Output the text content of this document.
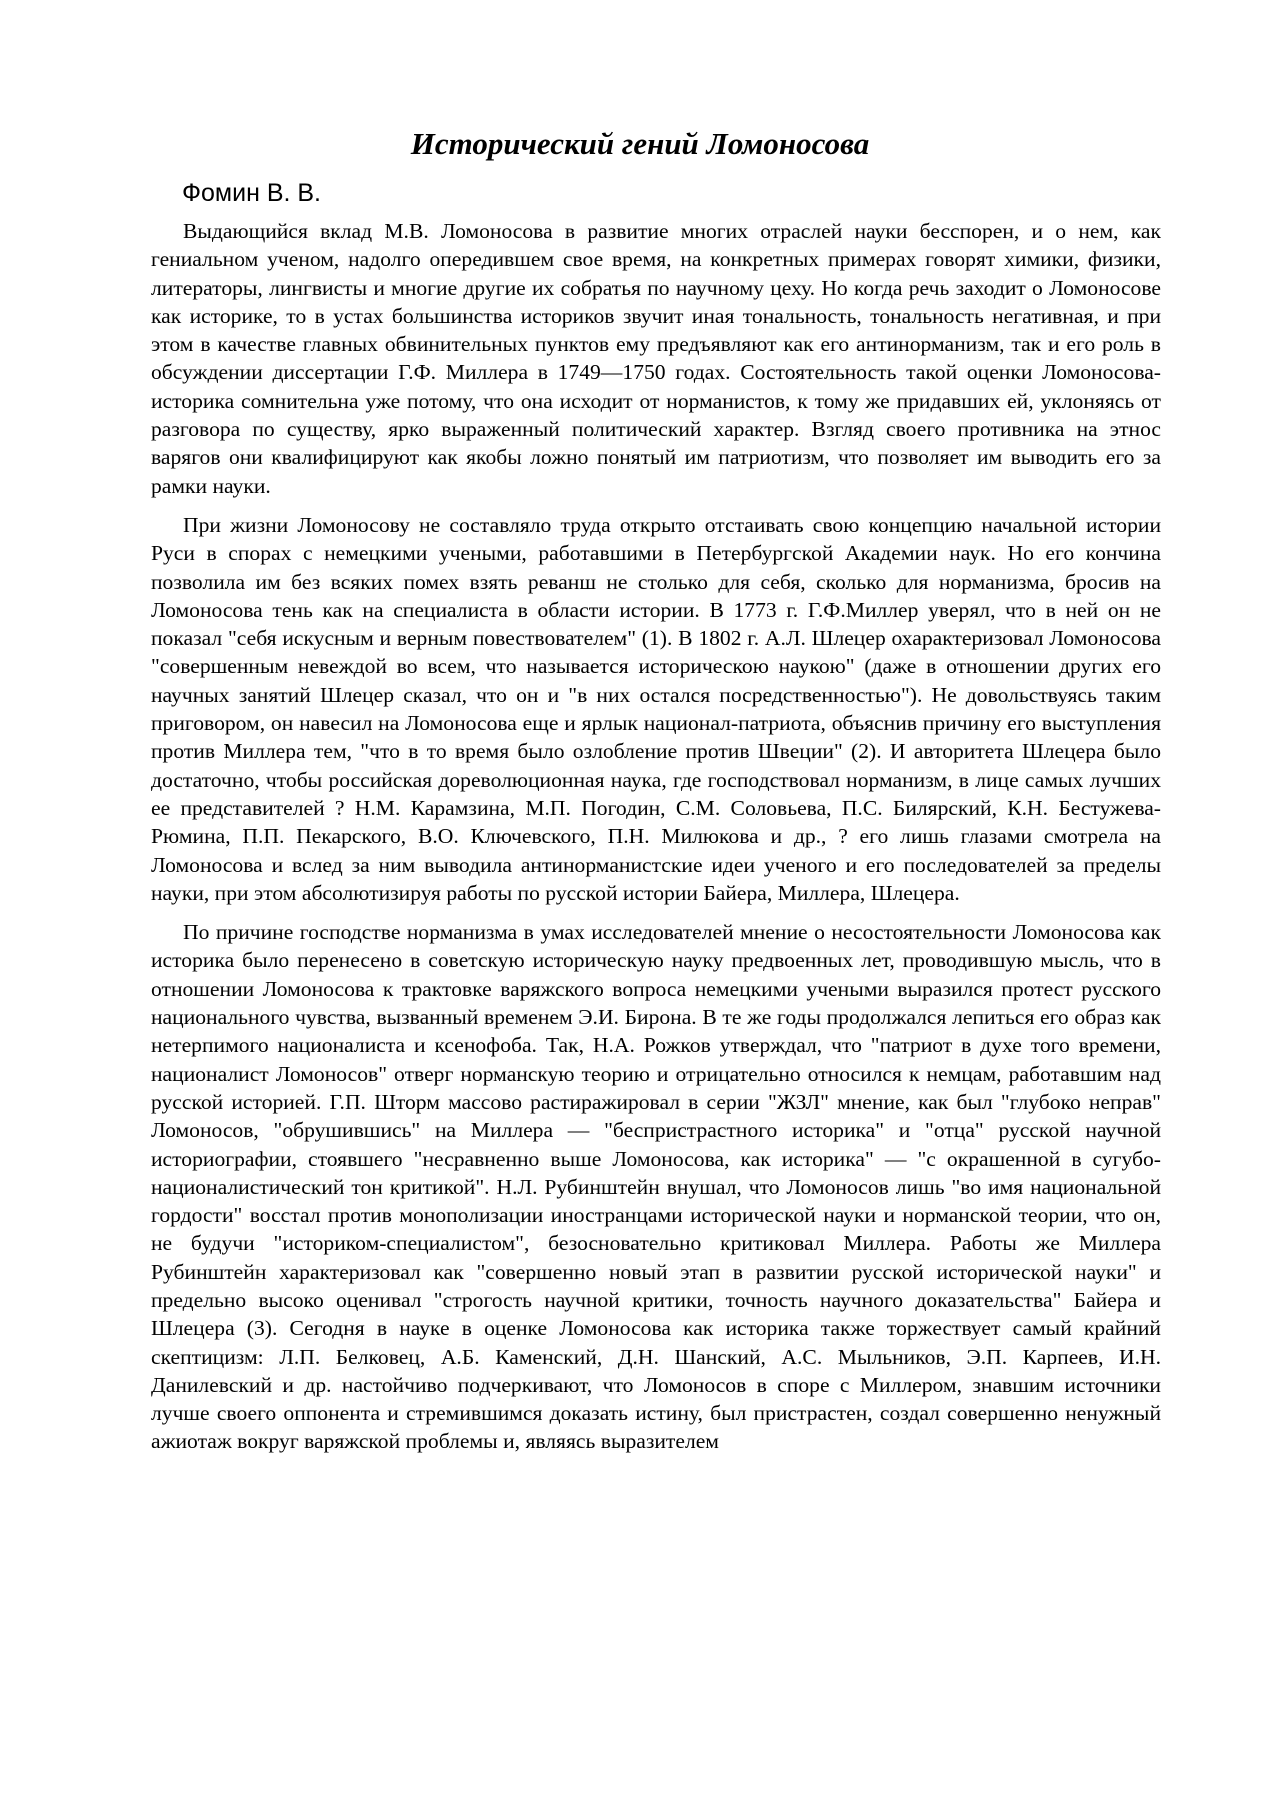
Исторический гений Ломоносова

Фомин В. В.

Выдающийся вклад М.В. Ломоносова в развитие многих отраслей науки бесспорен, и о нем, как гениальном ученом, надолго опередившем свое время, на конкретных примерах говорят химики, физики, литераторы, лингвисты и многие другие их собратья по научному цеху. Но когда речь заходит о Ломоносове как историке, то в устах большинства историков звучит иная тональность, тональность негативная, и при этом в качестве главных обвинительных пунктов ему предъявляют как его антинорманизм, так и его роль в обсуждении диссертации Г.Ф. Миллера в 1749—1750 годах. Состоятельность такой оценки Ломоносова-историка сомнительна уже потому, что она исходит от норманистов, к тому же придавших ей, уклоняясь от разговора по существу, ярко выраженный политический характер. Взгляд своего противника на этнос варягов они квалифицируют как якобы ложно понятый им патриотизм, что позволяет им выводить его за рамки науки.

При жизни Ломоносову не составляло труда открыто отстаивать свою концепцию начальной истории Руси в спорах с немецкими учеными, работавшими в Петербургской Академии наук. Но его кончина позволила им без всяких помех взять реванш не столько для себя, сколько для норманизма, бросив на Ломоносова тень как на специалиста в области истории. В 1773 г. Г.Ф.Миллер уверял, что в ней он не показал "себя искусным и верным повествователем" (1). В 1802 г. А.Л. Шлецер охарактеризовал Ломоносова "совершенным невеждой во всем, что называется историческою наукою" (даже в отношении других его научных занятий Шлецер сказал, что он и "в них остался посредственностью"). Не довольствуясь таким приговором, он навесил на Ломоносова еще и ярлык национал-патриота, объяснив причину его выступления против Миллера тем, "что в то время было озлобление против Швеции" (2). И авторитета Шлецера было достаточно, чтобы российская дореволюционная наука, где господствовал норманизм, в лице самых лучших ее представителей ? Н.М. Карамзина, М.П. Погодин, С.М. Соловьева, П.С. Билярский, К.Н. Бестужева-Рюмина, П.П. Пекарского, В.О. Ключевского, П.Н. Милюкова и др., ? его лишь глазами смотрела на Ломоносова и вслед за ним выводила антинорманистские идеи ученого и его последователей за пределы науки, при этом абсолютизируя работы по русской истории Байера, Миллера, Шлецера.

По причине господстве норманизма в умах исследователей мнение о несостоятельности Ломоносова как историка было перенесено в советскую историческую науку предвоенных лет, проводившую мысль, что в отношении Ломоносова к трактовке варяжского вопроса немецкими учеными выразился протест русского национального чувства, вызванный временем Э.И. Бирона. В те же годы продолжался лепиться его образ как нетерпимого националиста и ксенофоба. Так, Н.А. Рожков утверждал, что "патриот в духе того времени, националист Ломоносов" отверг норманскую теорию и отрицательно относился к немцам, работавшим над русской историей. Г.П. Шторм массово растиражировал в серии "ЖЗЛ" мнение, как был "глубоко неправ" Ломоносов, "обрушившись" на Миллера — "беспристрастного историка" и "отца" русской научной историографии, стоявшего "несравненно выше Ломоносова, как историка" — "с окрашенной в сугубо-националистический тон критикой". Н.Л. Рубинштейн внушал, что Ломоносов лишь "во имя национальной гордости" восстал против монополизации иностранцами исторической науки и норманской теории, что он, не будучи "историком-специалистом", безосновательно критиковал Миллера. Работы же Миллера Рубинштейн характеризовал как "совершенно новый этап в развитии русской исторической науки" и предельно высоко оценивал "строгость научной критики, точность научного доказательства" Байера и Шлецера (3). Сегодня в науке в оценке Ломоносова как историка также торжествует самый крайний скептицизм: Л.П. Белковец, А.Б. Каменский, Д.Н. Шанский, А.С. Мыльников, Э.П. Карпеев, И.Н. Данилевский и др. настойчиво подчеркивают, что Ломоносов в споре с Миллером, знавшим источники лучше своего оппонента и стремившимся доказать истину, был пристрастен, создал совершенно ненужный ажиотаж вокруг варяжской проблемы и, являясь выразителем
